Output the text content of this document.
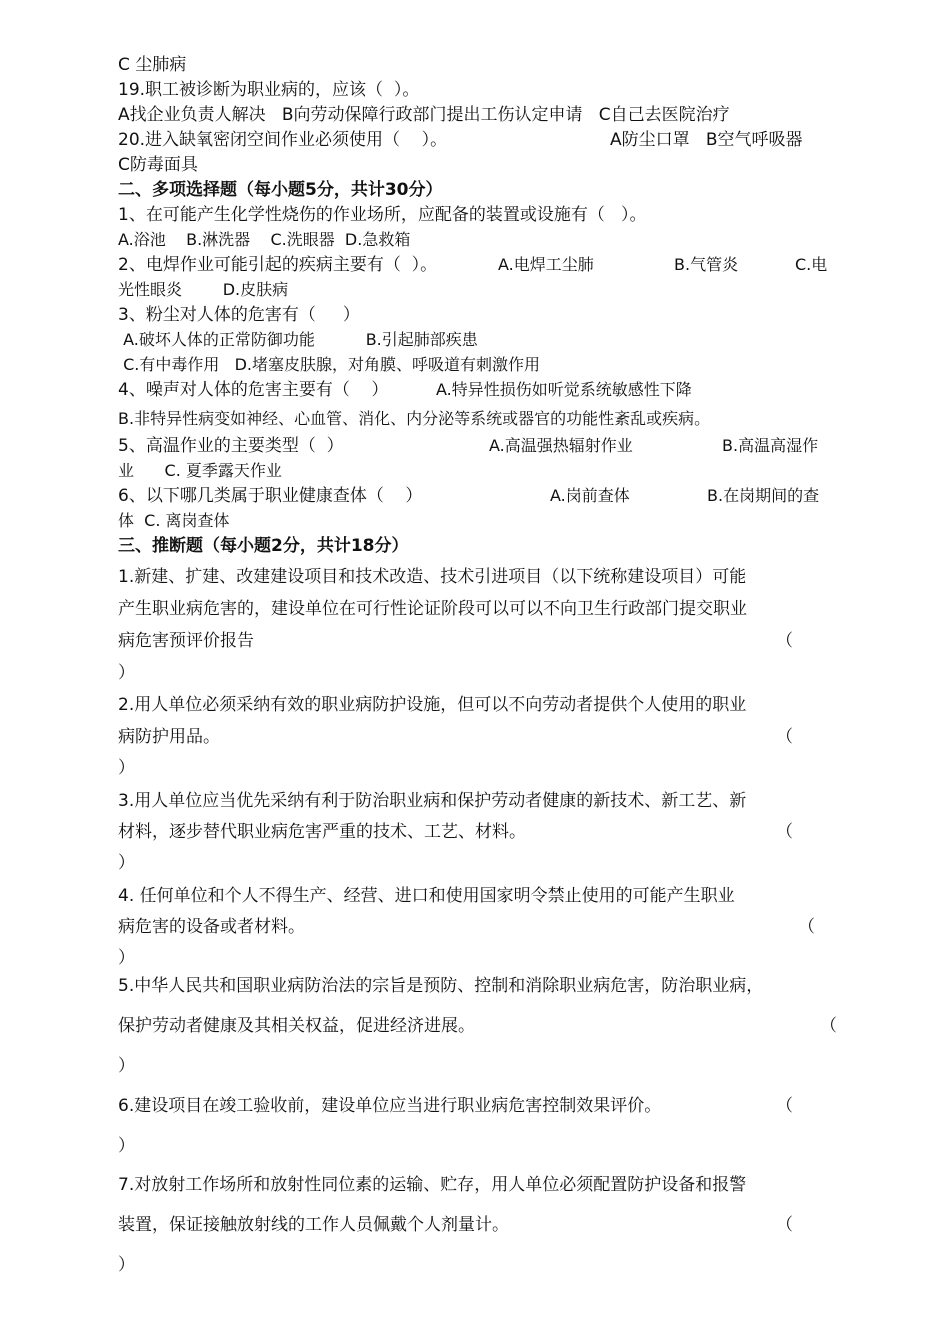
C 尘肺病
19.职工被诊断为职业病的，应该（  ）。
A找企业负责人解决   B向劳动保障行政部门提出工伤认定申请   C自己去医院治疗
20.进入缺氧密闭空间作业必须使用（    ）。	A防尘口罩   B空气呼吸器
C防毒面具
二、多项选择题（每小题5分，共计30分）
1、在可能产生化学性烧伤的作业场所，应配备的装置或设施有（   ）。
A.浴池    B.淋洗器    C.洗眼器  D.急救箱
2、电焊作业可能引起的疾病主要有（  ）。	A.电焊工尘肺	B.气管炎	C.电
光性眼炎        D.皮肤病
3、粉尘对人体的危害有（     ）
A.破坏人体的正常防御功能          B.引起肺部疾患
C.有中毒作用   D.堵塞皮肤腺，对角膜、呼吸道有刺激作用
4、噪声对人体的危害主要有（    ）	A.特异性损伤如听觉系统敏感性下降
B.非特异性病变如神经、心血管、消化、内分泌等系统或器官的功能性紊乱或疾病。
5、高温作业的主要类型（  ）	A.高温强热辐射作业	B.高温高湿作
业      C. 夏季露天作业
6、以下哪几类属于职业健康查体（    ）	A.岗前查体	B.在岗期间的查
体  C. 离岗查体
三、推断题（每小题2分，共计18分）
1.新建、扩建、改建建设项目和技术改造、技术引进项目（以下统称建设项目）可能
产生职业病危害的，建设单位在可行性论证阶段可以可以不向卫生行政部门提交职业
病危害预评价报告	（
）
2.用人单位必须采纳有效的职业病防护设施，但可以不向劳动者提供个人使用的职业
病防护用品。	（
）
3.用人单位应当优先采纳有利于防治职业病和保护劳动者健康的新技术、新工艺、新
材料，逐步替代职业病危害严重的技术、工艺、材料。	（
）
4. 任何单位和个人不得生产、经营、进口和使用国家明令禁止使用的可能产生职业
病危害的设备或者材料。	（
）
5.中华人民共和国职业病防治法的宗旨是预防、控制和消除职业病危害，防治职业病，
保护劳动者健康及其相关权益，促进经济进展。	（
）
6.建设项目在竣工验收前，建设单位应当进行职业病危害控制效果评价。	（
）
7.对放射工作场所和放射性同位素的运输、贮存，用人单位必须配置防护设备和报警
装置，保证接触放射线的工作人员佩戴个人剂量计。	（
）
